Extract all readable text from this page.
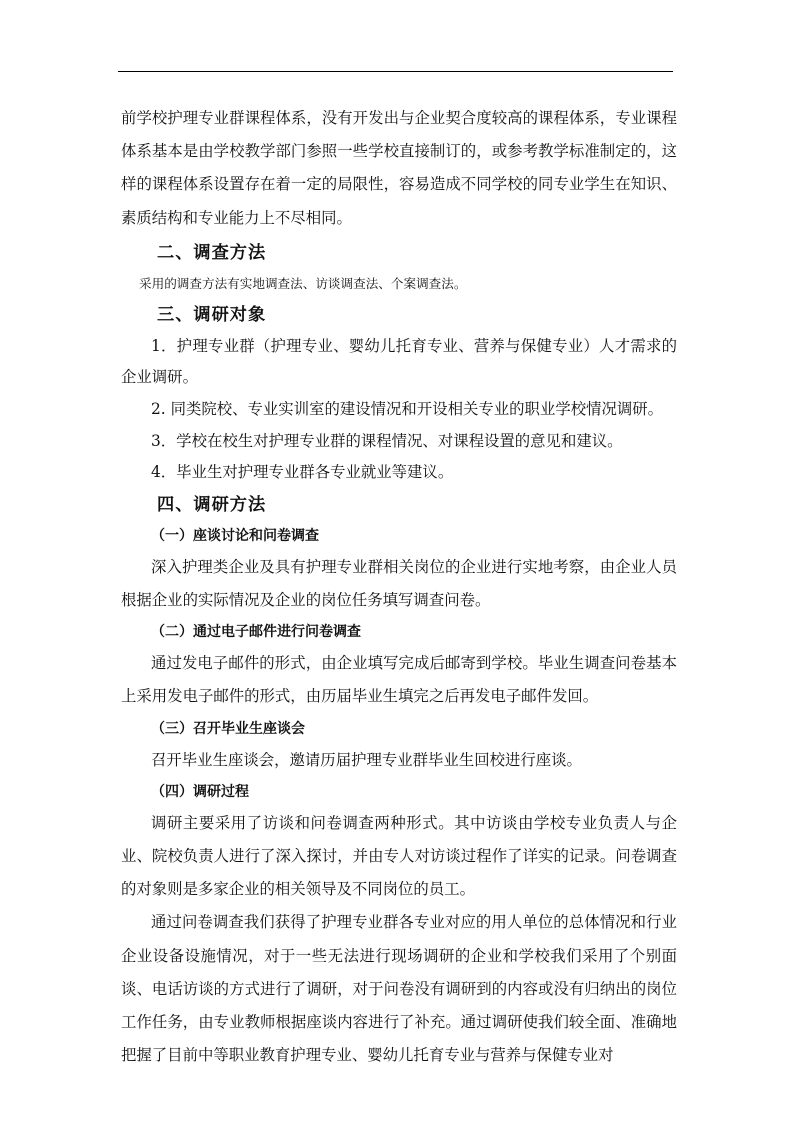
前学校护理专业群课程体系，没有开发出与企业契合度较高的课程体系，专业课程体系基本是由学校教学部门参照一些学校直接制订的，或参考教学标准制定的，这样的课程体系设置存在着一定的局限性，容易造成不同学校的同专业学生在知识、素质结构和专业能力上不尽相同。

二、调查方法

采用的调查方法有实地调查法、访谈调查法、个案调查法。

三、调研对象

1．护理专业群（护理专业、婴幼儿托育专业、营养与保健专业）人才需求的企业调研。

2. 同类院校、专业实训室的建设情况和开设相关专业的职业学校情况调研。

3．学校在校生对护理专业群的课程情况、对课程设置的意见和建议。

4．毕业生对护理专业群各专业就业等建议。

四、调研方法
（一）座谈讨论和问卷调查

深入护理类企业及具有护理专业群相关岗位的企业进行实地考察，由企业人员根据企业的实际情况及企业的岗位任务填写调查问卷。

（二）通过电子邮件进行问卷调查

通过发电子邮件的形式，由企业填写完成后邮寄到学校。毕业生调查问卷基本上采用发电子邮件的形式，由历届毕业生填完之后再发电子邮件发回。

（三）召开毕业生座谈会

召开毕业生座谈会，邀请历届护理专业群毕业生回校进行座谈。

（四）调研过程

调研主要采用了访谈和问卷调查两种形式。其中访谈由学校专业负责人与企业、院校负责人进行了深入探讨，并由专人对访谈过程作了详实的记录。问卷调查的对象则是多家企业的相关领导及不同岗位的员工。

通过问卷调查我们获得了护理专业群各专业对应的用人单位的总体情况和行业企业设备设施情况，对于一些无法进行现场调研的企业和学校我们采用了个别面谈、电话访谈的方式进行了调研，对于问卷没有调研到的内容或没有归纳出的岗位工作任务，由专业教师根据座谈内容进行了补充。通过调研使我们较全面、准确地把握了目前中等职业教育护理专业、婴幼儿托育专业与营养与保健专业对
